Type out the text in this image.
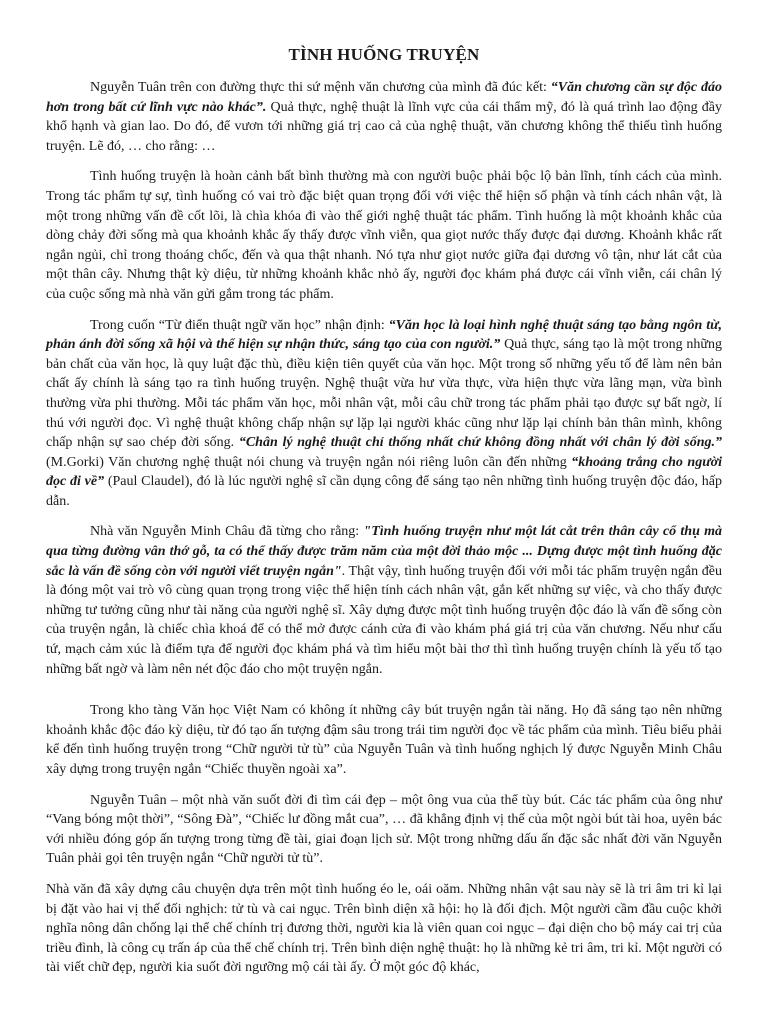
TÌNH HUỐNG TRUYỆN

Nguyễn Tuân trên con đường thực thi sứ mệnh văn chương của mình đã đúc kết: “Văn chương cần sự độc đáo hơn trong bất cứ lĩnh vực nào khác”. Quả thực, nghệ thuật là lĩnh vực của cái thẩm mỹ, đó là quá trình lao động đầy khổ hạnh và gian lao. Do đó, để vươn tới những giá trị cao cả của nghệ thuật, văn chương không thể thiếu tình huống truyện. Lẽ đó, … cho rằng: …

Tình huống truyện là hoàn cảnh bất bình thường mà con người buộc phải bộc lộ bản lĩnh, tính cách của mình. Trong tác phẩm tự sự, tình huống có vai trò đặc biệt quan trọng đối với việc thể hiện số phận và tính cách nhân vật, là một trong những vấn đề cốt lõi, là chìa khóa đi vào thế giới nghệ thuật tác phẩm. Tình huống là một khoảnh khắc của dòng chảy đời sống mà qua khoảnh khắc ấy thấy được vĩnh viễn, qua giọt nước thấy được đại dương. Khoảnh khắc rất ngắn ngủi, chỉ trong thoáng chốc, đến và qua thật nhanh. Nó tựa như giọt nước giữa đại dương vô tận, như lát cắt của một thân cây. Nhưng thật kỳ diệu, từ những khoảnh khắc nhỏ ấy, người đọc khám phá được cái vĩnh viễn, cái chân lý của cuộc sống mà nhà văn gửi gắm trong tác phẩm.

Trong cuốn “Từ điển thuật ngữ văn học” nhận định: “Văn học là loại hình nghệ thuật sáng tạo bằng ngôn từ, phản ánh đời sống xã hội và thể hiện sự nhận thức, sáng tạo của con người.” Quả thực, sáng tạo là một trong những bản chất của văn học, là quy luật đặc thù, điều kiện tiên quyết của văn học. Một trong số những yếu tố để làm nên bản chất ấy chính là sáng tạo ra tình huống truyện. Nghệ thuật vừa hư vừa thực, vừa hiện thực vừa lãng mạn, vừa bình thường vừa phi thường. Mỗi tác phẩm văn học, mỗi nhân vật, mỗi câu chữ trong tác phẩm phải tạo được sự bất ngờ, lí thú với người đọc. Vì nghệ thuật không chấp nhận sự lặp lại người khác cũng như lặp lại chính bản thân mình, không chấp nhận sự sao chép đời sống. “Chân lý nghệ thuật chỉ thống nhất chứ không đồng nhất với chân lý đời sống.” (M.Gorki) Văn chương nghệ thuật nói chung và truyện ngắn nói riêng luôn cần đến những “khoảng trắng cho người đọc đi về” (Paul Claudel), đó là lúc người nghệ sĩ cần dụng công để sáng tạo nên những tình huống truyện độc đáo, hấp dẫn.

Nhà văn Nguyễn Minh Châu đã từng cho rằng: "Tình huống truyện như một lát cắt trên thân cây cổ thụ mà qua từng đường vân thớ gỗ, ta có thể thấy được trăm năm của một đời thảo mộc ... Dựng được một tình huống đặc sắc là vấn đề sống còn với người viết truyện ngắn". Thật vậy, tình huống truyện đối với mỗi tác phẩm truyện ngắn đều là đóng một vai trò vô cùng quan trọng trong việc thể hiện tính cách nhân vật, gắn kết những sự việc, và cho thấy được những tư tưởng cũng như tài năng của người nghệ sĩ. Xây dựng được một tình huống truyện độc đáo là vấn đề sống còn của truyện ngắn, là chiếc chìa khoá để có thể mở được cánh cửa đi vào khám phá giá trị của văn chương. Nếu như cấu tứ, mạch cảm xúc là điểm tựa để người đọc khám phá và tìm hiểu một bài thơ thì tình huống truyện chính là yếu tố tạo những bất ngờ và làm nên nét độc đáo cho một truyện ngắn.

Trong kho tàng Văn học Việt Nam có không ít những cây bút truyện ngắn tài năng. Họ đã sáng tạo nên những khoảnh khắc độc đáo kỳ diệu, từ đó tạo ấn tượng đậm sâu trong trái tim người đọc về tác phẩm của mình. Tiêu biểu phải kể đến tình huống truyện trong “Chữ người tử tù” của Nguyễn Tuân và tình huống nghịch lý được Nguyễn Minh Châu xây dựng trong truyện ngắn “Chiếc thuyền ngoài xa”.

Nguyễn Tuân – một nhà văn suốt đời đi tìm cái đẹp – một ông vua của thể tùy bút. Các tác phẩm của ông như “Vang bóng một thời”, “Sông Đà”, “Chiếc lư đồng mắt cua”, … đã khẳng định vị thế của một ngòi bút tài hoa, uyên bác với nhiều đóng góp ấn tượng trong từng đề tài, giai đoạn lịch sử. Một trong những dấu ấn đặc sắc nhất đời văn Nguyễn Tuân phải gọi tên truyện ngắn “Chữ người tử tù”.

Nhà văn đã xây dựng câu chuyện dựa trên một tình huống éo le, oái oăm. Những nhân vật sau này sẽ là tri âm tri kỉ lại bị đặt vào hai vị thế đối nghịch: tử tù và cai ngục. Trên bình diện xã hội: họ là đối địch. Một người cầm đầu cuộc khởi nghĩa nông dân chống lại thể chế chính trị đương thời, người kia là viên quan coi ngục – đại diện cho bộ máy cai trị của triều đình, là công cụ trấn áp của thể chế chính trị. Trên bình diện nghệ thuật: họ là những kẻ tri âm, tri kỉ. Một người có tài viết chữ đẹp, người kia suốt đời ngưỡng mộ cái tài ấy. Ở một góc độ khác,
